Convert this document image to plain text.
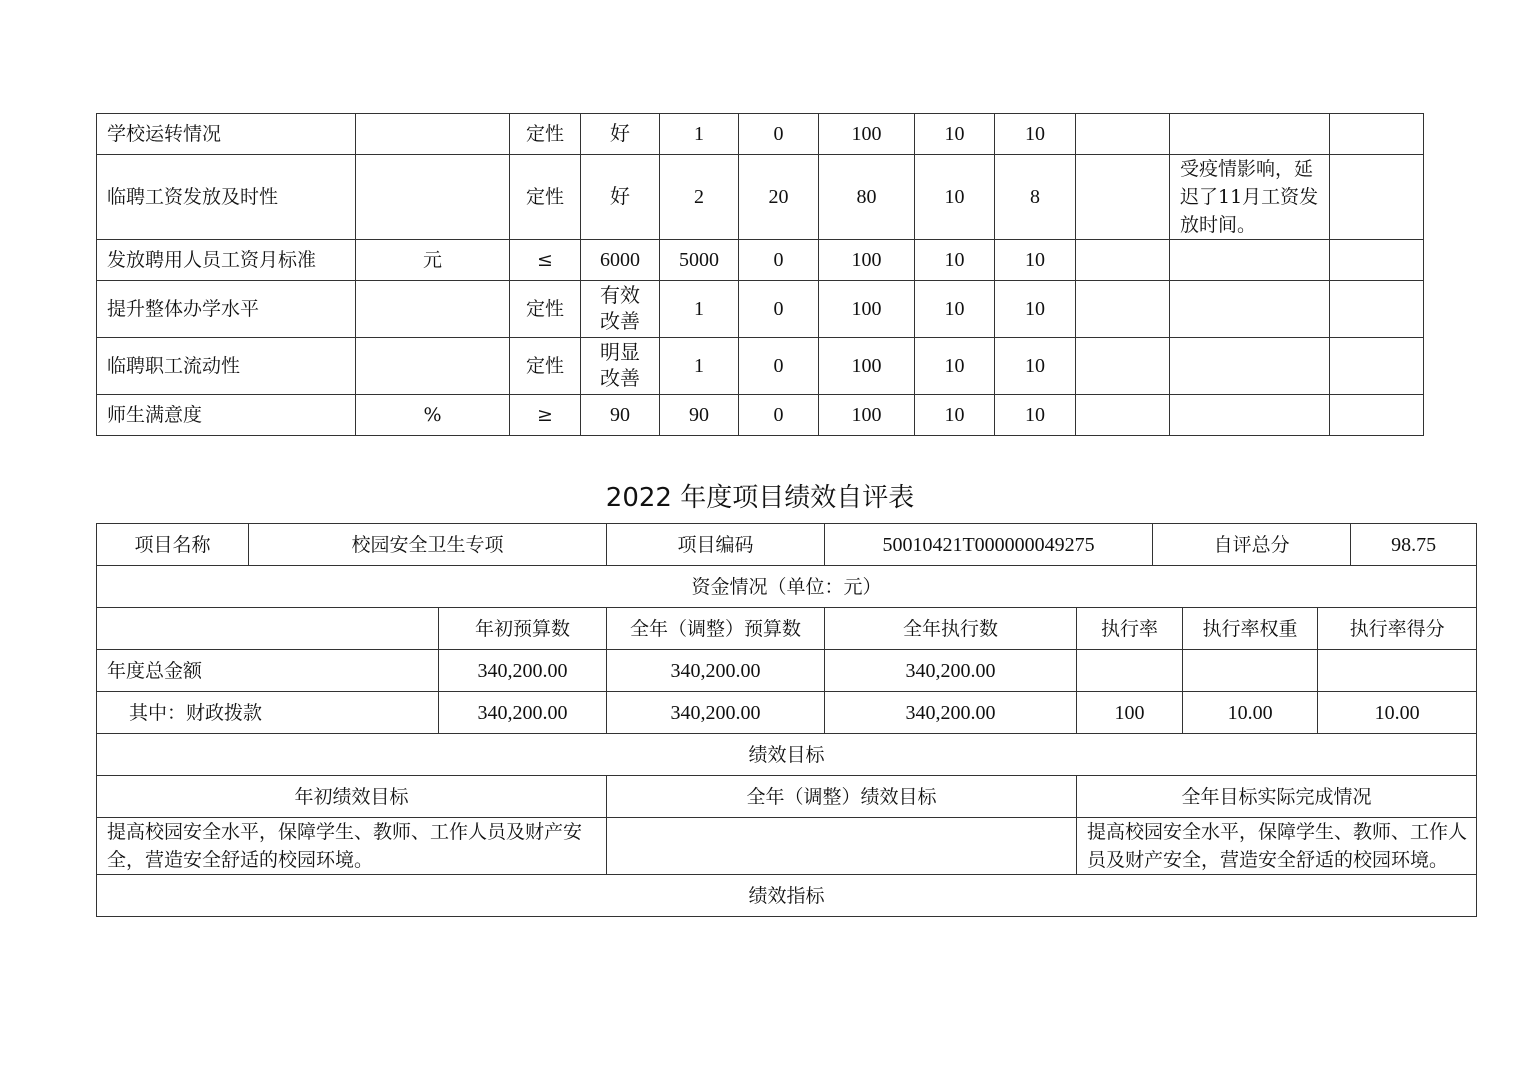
学校运转情况		定性	好	1	0	100	10	10			
临聘工资发放及时性		定性	好	2	20	80	10	8		受疫情影响，延迟了11月工资发放时间。	
发放聘用人员工资月标准	元	≤	6000	5000	0	100	10	10			
提升整体办学水平		定性	有效改善	1	0	100	10	10			
临聘职工流动性		定性	明显改善	1	0	100	10	10			
师生满意度	%	≥	90	90	0	100	10	10			
2022 年度项目绩效自评表
项目名称	校园安全卫生专项		项目编码	50010421T000000049275		自评总分			98.75
资金情况（单位：元）									
		年初预算数	全年（调整）预算数	全年执行数	执行率		执行率权重	执行率得分	
年度总金额		340,200.00	340,200.00	340,200.00					
其中：财政拨款		340,200.00	340,200.00	340,200.00	100		10.00	10.00	
绩效目标									
年初绩效目标			全年（调整）绩效目标		全年目标实际完成情况				
提高校园安全水平，保障学生、教师、工作人员及财产安全，营造安全舒适的校园环境。					提高校园安全水平，保障学生、教师、工作人员及财产安全，营造安全舒适的校园环境。				
绩效指标									
